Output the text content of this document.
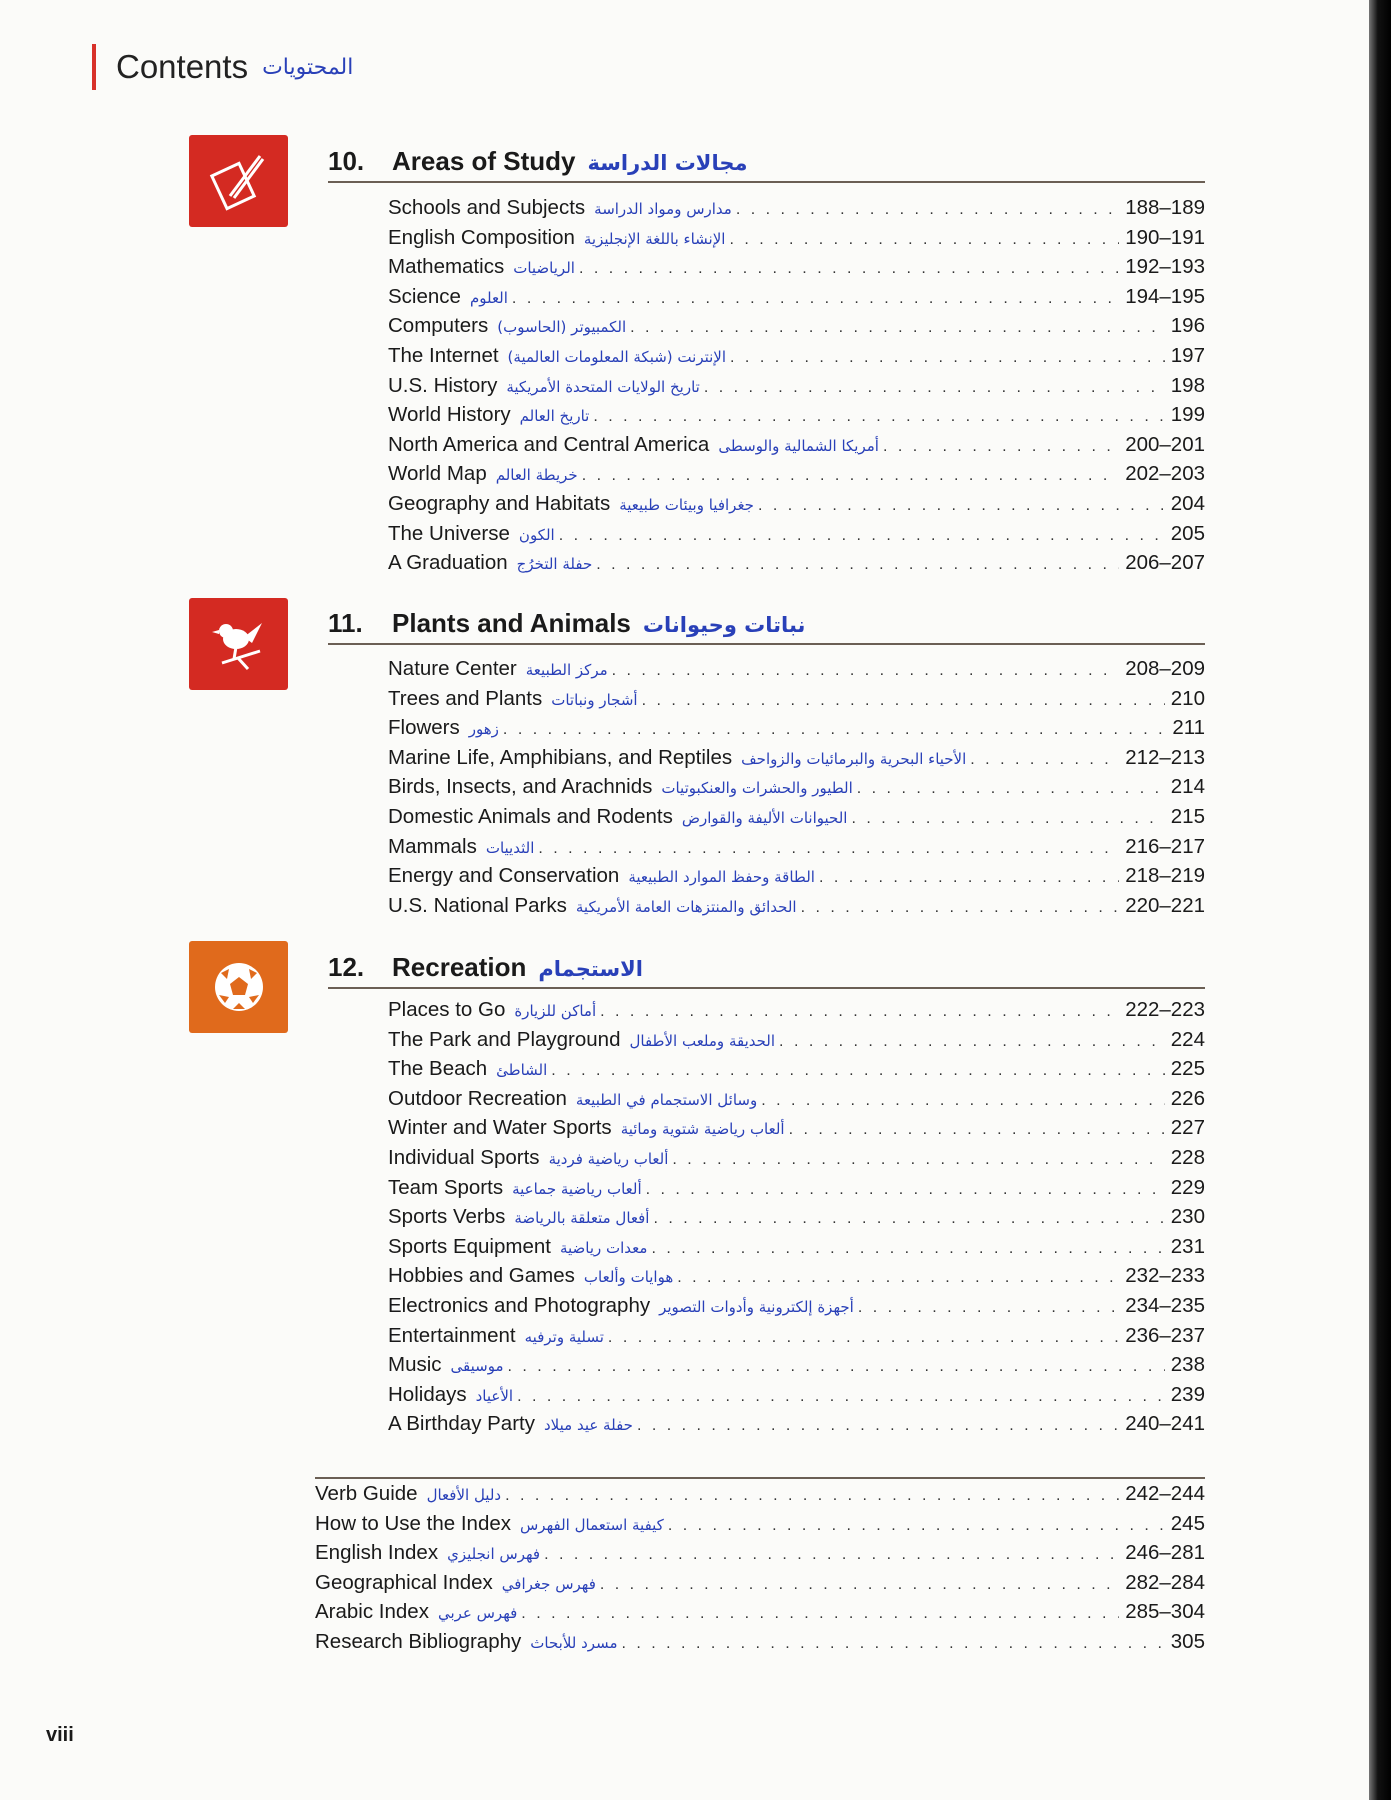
Contents المحتويات
10.	Areas of Study مجالات الدراسة
Schools and Subjects مدارس ومواد الدراسة . . .	188–189
English Composition الإنشاء باللغة الإنجليزية . . .	190–191
Mathematics الرياضيات . . .	192–193
Science العلوم . . .	194–195
Computers الكمبيوتر (الحاسوب) . . .	196
The Internet الإنترنت (شبكة المعلومات العالمية) . . .	197
U.S. History تاريخ الولايات المتحدة الأمريكية . . .	198
World History تاريخ العالم . . .	199
North America and Central America أمريكا الشمالية والوسطى . . .	200–201
World Map خريطة العالم . . .	202–203
Geography and Habitats جغرافيا وبيئات طبيعية . . .	204
The Universe الكون . . .	205
A Graduation حفلة التخرُج . . .	206–207
11.	Plants and Animals نباتات وحيوانات
Nature Center مركز الطبيعة . . .	208–209
Trees and Plants أشجار ونباتات . . .	210
Flowers زهور . . .	211
Marine Life, Amphibians, and Reptiles الأحياء البحرية والبرمائيات والزواحف . . .	212–213
Birds, Insects, and Arachnids الطيور والحشرات والعنكبوتيات . . .	214
Domestic Animals and Rodents الحيوانات الأليفة والقوارض . . .	215
Mammals الثدييات . . .	216–217
Energy and Conservation الطاقة وحفظ الموارد الطبيعية . . .	218–219
U.S. National Parks الحدائق والمنتزهات العامة الأمريكية . . .	220–221
12.	Recreation الاستجمام
Places to Go أماكن للزيارة . . .	222–223
The Park and Playground الحديقة وملعب الأطفال . . .	224
The Beach الشاطئ . . .	225
Outdoor Recreation وسائل الاستجمام في الطبيعة . . .	226
Winter and Water Sports ألعاب رياضية شتوية ومائية . . .	227
Individual Sports ألعاب رياضية فردية . . .	228
Team Sports ألعاب رياضية جماعية . . .	229
Sports Verbs أفعال متعلقة بالرياضة . . .	230
Sports Equipment معدات رياضية . . .	231
Hobbies and Games هوايات وألعاب . . .	232–233
Electronics and Photography أجهزة إلكترونية وأدوات التصوير . . .	234–235
Entertainment تسلية وترفيه . . .	236–237
Music موسيقى . . .	238
Holidays الأعياد . . .	239
A Birthday Party حفلة عيد ميلاد . . .	240–241
Verb Guide دليل الأفعال . . .	242–244
How to Use the Index كيفية استعمال الفهرس . . .	245
English Index فهرس انجليزي . . .	246–281
Geographical Index فهرس جغرافي . . .	282–284
Arabic Index فهرس عربي . . .	285–304
Research Bibliography مسرد للأبحاث . . .	305
viii
